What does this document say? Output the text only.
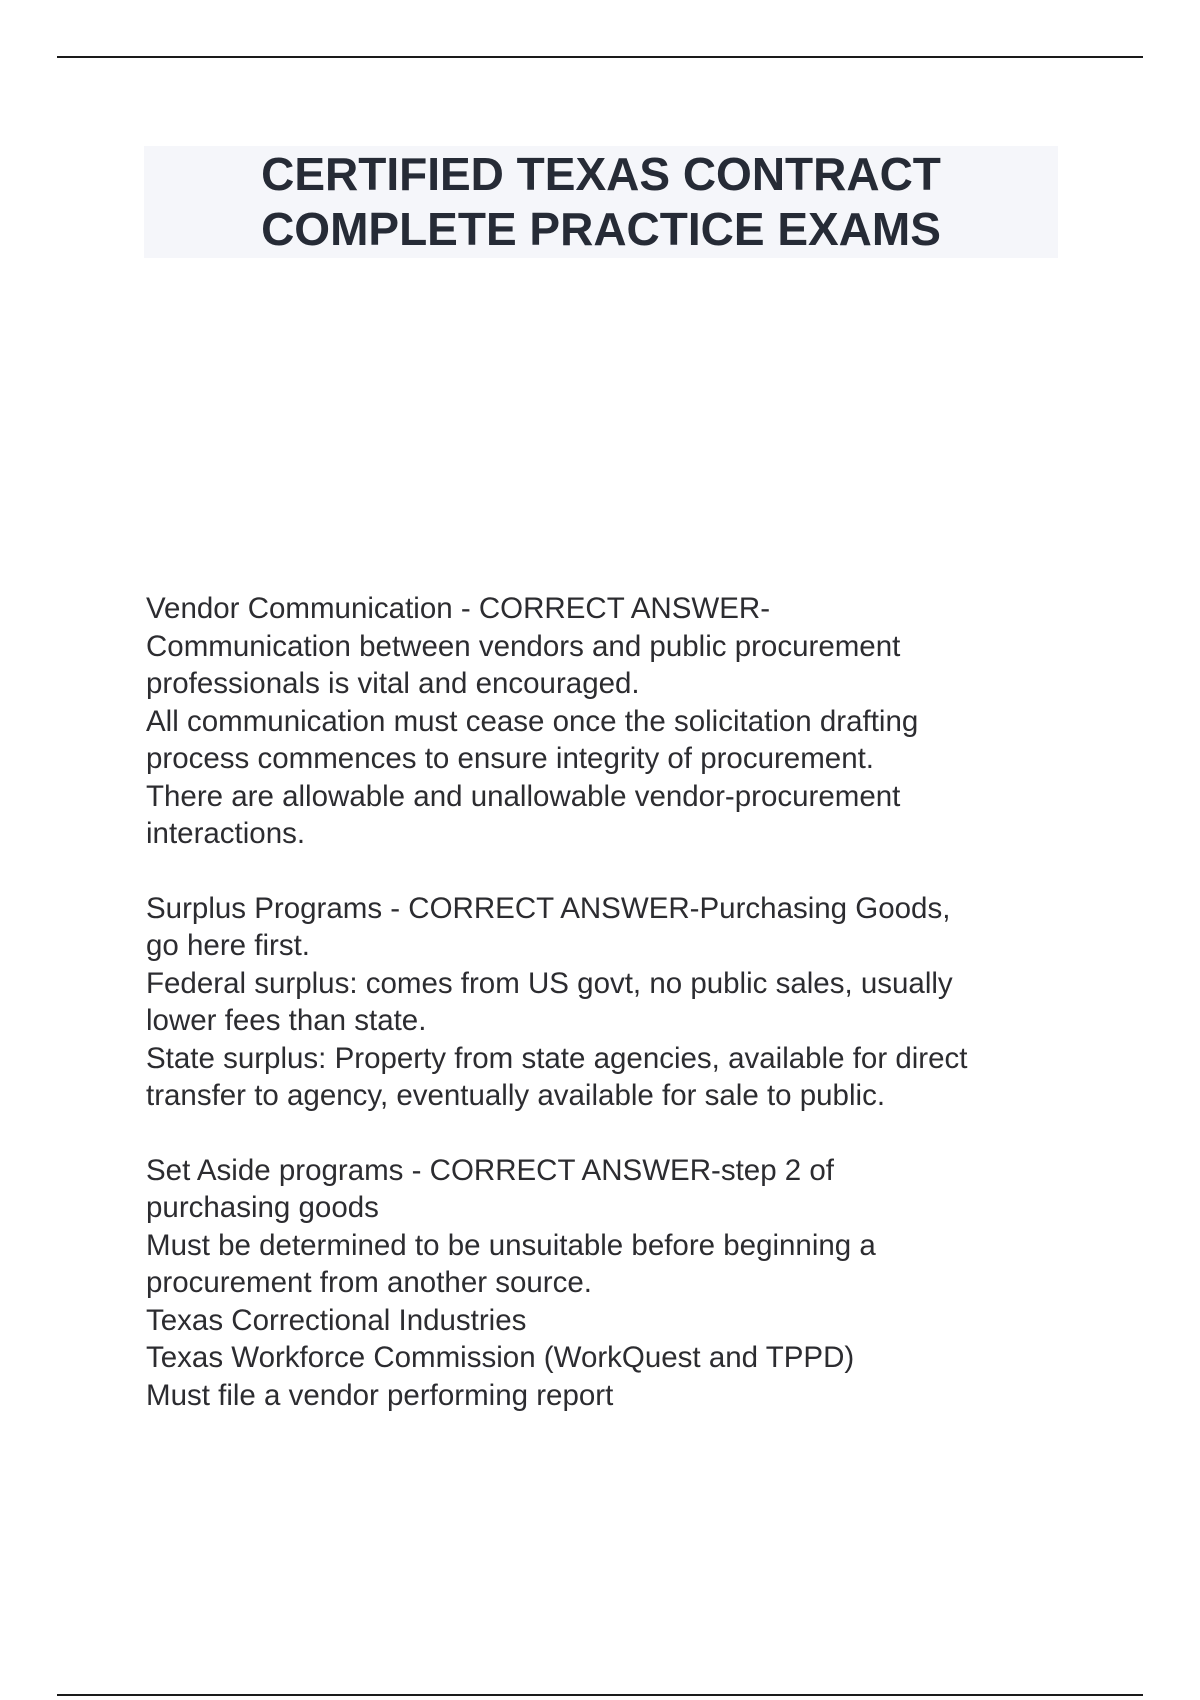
CERTIFIED TEXAS CONTRACT
COMPLETE PRACTICE EXAMS
Vendor Communication - CORRECT ANSWER-
Communication between vendors and public procurement
professionals is vital and encouraged.
All communication must cease once the solicitation drafting
process commences to ensure integrity of procurement.
There are allowable and unallowable vendor-procurement
interactions.
Surplus Programs - CORRECT ANSWER-Purchasing Goods,
go here first.
Federal surplus: comes from US govt, no public sales, usually
lower fees than state.
State surplus: Property from state agencies, available for direct
transfer to agency, eventually available for sale to public.
Set Aside programs - CORRECT ANSWER-step 2 of
purchasing goods
Must be determined to be unsuitable before beginning a
procurement from another source.
Texas Correctional Industries
Texas Workforce Commission (WorkQuest and TPPD)
Must file a vendor performing report
